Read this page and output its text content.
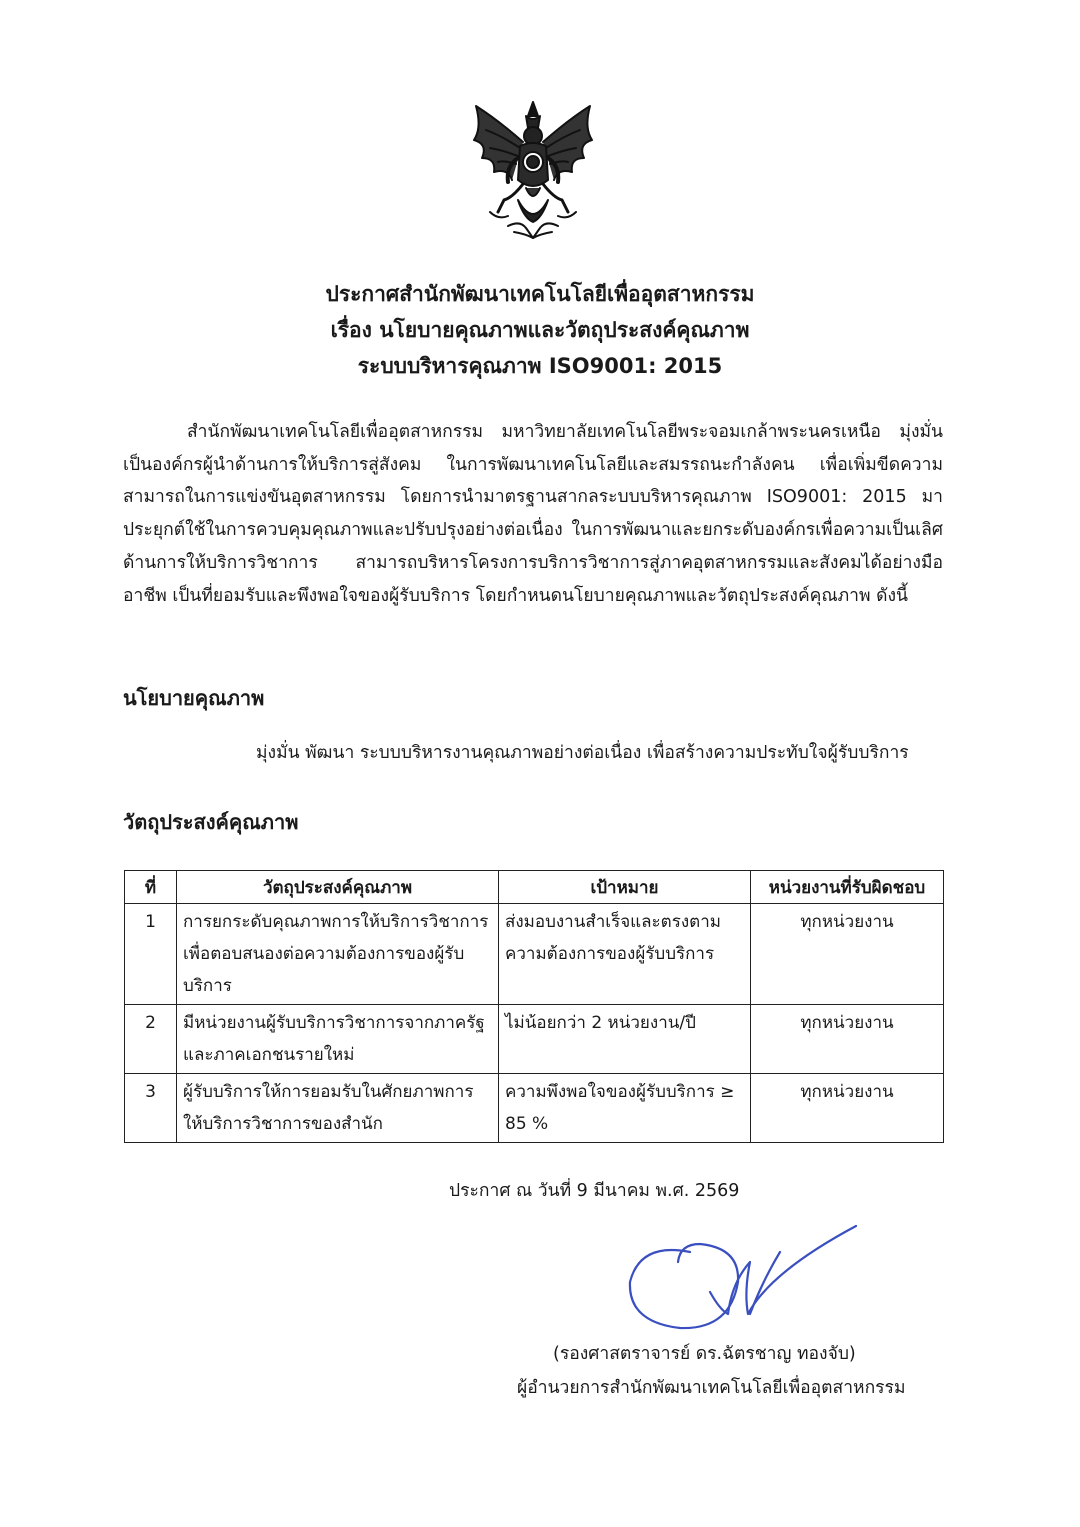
ประกาศสำนักพัฒนาเทคโนโลยีเพื่ออุตสาหกรรม
เรื่อง นโยบายคุณภาพและวัตถุประสงค์คุณภาพ
ระบบบริหารคุณภาพ ISO9001: 2015
สำนักพัฒนาเทคโนโลยีเพื่ออุตสาหกรรม มหาวิทยาลัยเทคโนโลยีพระจอมเกล้าพระนครเหนือ มุ่งมั่นเป็นองค์กรผู้นำด้านการให้บริการสู่สังคม ในการพัฒนาเทคโนโลยีและสมรรถนะกำลังคน เพื่อเพิ่มขีดความสามารถในการแข่งขันอุตสาหกรรม โดยการนำมาตรฐานสากลระบบบริหารคุณภาพ ISO9001: 2015 มาประยุกต์ใช้ในการควบคุมคุณภาพและปรับปรุงอย่างต่อเนื่อง ในการพัฒนาและยกระดับองค์กรเพื่อความเป็นเลิศด้านการให้บริการวิชาการ สามารถบริหารโครงการบริการวิชาการสู่ภาคอุตสาหกรรมและสังคมได้อย่างมืออาชีพ เป็นที่ยอมรับและพึงพอใจของผู้รับบริการ โดยกำหนดนโยบายคุณภาพและวัตถุประสงค์คุณภาพ ดังนี้
นโยบายคุณภาพ
มุ่งมั่น พัฒนา ระบบบริหารงานคุณภาพอย่างต่อเนื่อง เพื่อสร้างความประทับใจผู้รับบริการ
วัตถุประสงค์คุณภาพ
ที่	วัตถุประสงค์คุณภาพ	เป้าหมาย	หน่วยงานที่รับผิดชอบ
1	การยกระดับคุณภาพการให้บริการวิชาการเพื่อตอบสนองต่อความต้องการของผู้รับบริการ	ส่งมอบงานสำเร็จและตรงตามความต้องการของผู้รับบริการ	ทุกหน่วยงาน
2	มีหน่วยงานผู้รับบริการวิชาการจากภาครัฐและภาคเอกชนรายใหม่	ไม่น้อยกว่า 2 หน่วยงาน/ปี	ทุกหน่วยงาน
3	ผู้รับบริการให้การยอมรับในศักยภาพการให้บริการวิชาการของสำนัก	ความพึงพอใจของผู้รับบริการ ≥ 85 %	ทุกหน่วยงาน
ประกาศ ณ วันที่ 9 มีนาคม พ.ศ. 2569
(รองศาสตราจารย์ ดร.ฉัตรชาญ ทองจับ)
ผู้อำนวยการสำนักพัฒนาเทคโนโลยีเพื่ออุตสาหกรรม
